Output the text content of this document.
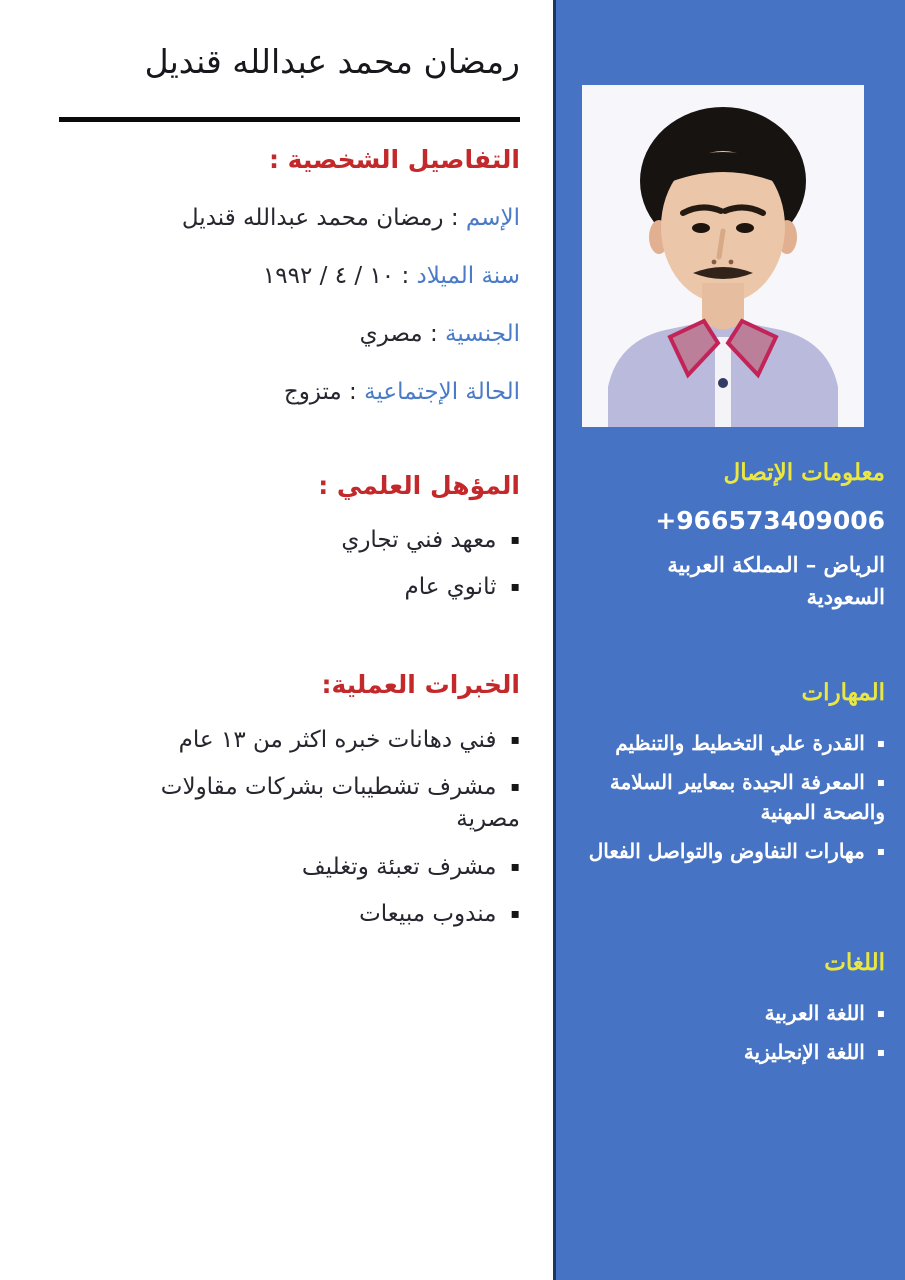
رمضان محمد عبدالله قنديل
التفاصيل الشخصية :
الإسم : رمضان محمد عبدالله قنديل
سنة الميلاد : ١٠ / ٤ / ١٩٩٢
الجنسية : مصري
الحالة الإجتماعية : متزوج
المؤهل العلمي :
▪معهد فني تجاري
▪ثانوي عام
الخبرات العملية:
▪فني دهانات خبره اكثر من ١٣ عام
▪مشرف تشطيبات بشركات مقاولات مصرية
▪مشرف تعبئة وتغليف
▪مندوب مبيعات
معلومات الإتصال
+966573409006
الرياض – المملكة العربية السعودية
المهارات
▪القدرة علي التخطيط والتنظيم
▪المعرفة الجيدة بمعايير السلامة والصحة المهنية
▪مهارات التفاوض والتواصل الفعال
اللغات
▪اللغة العربية
▪اللغة الإنجليزية
